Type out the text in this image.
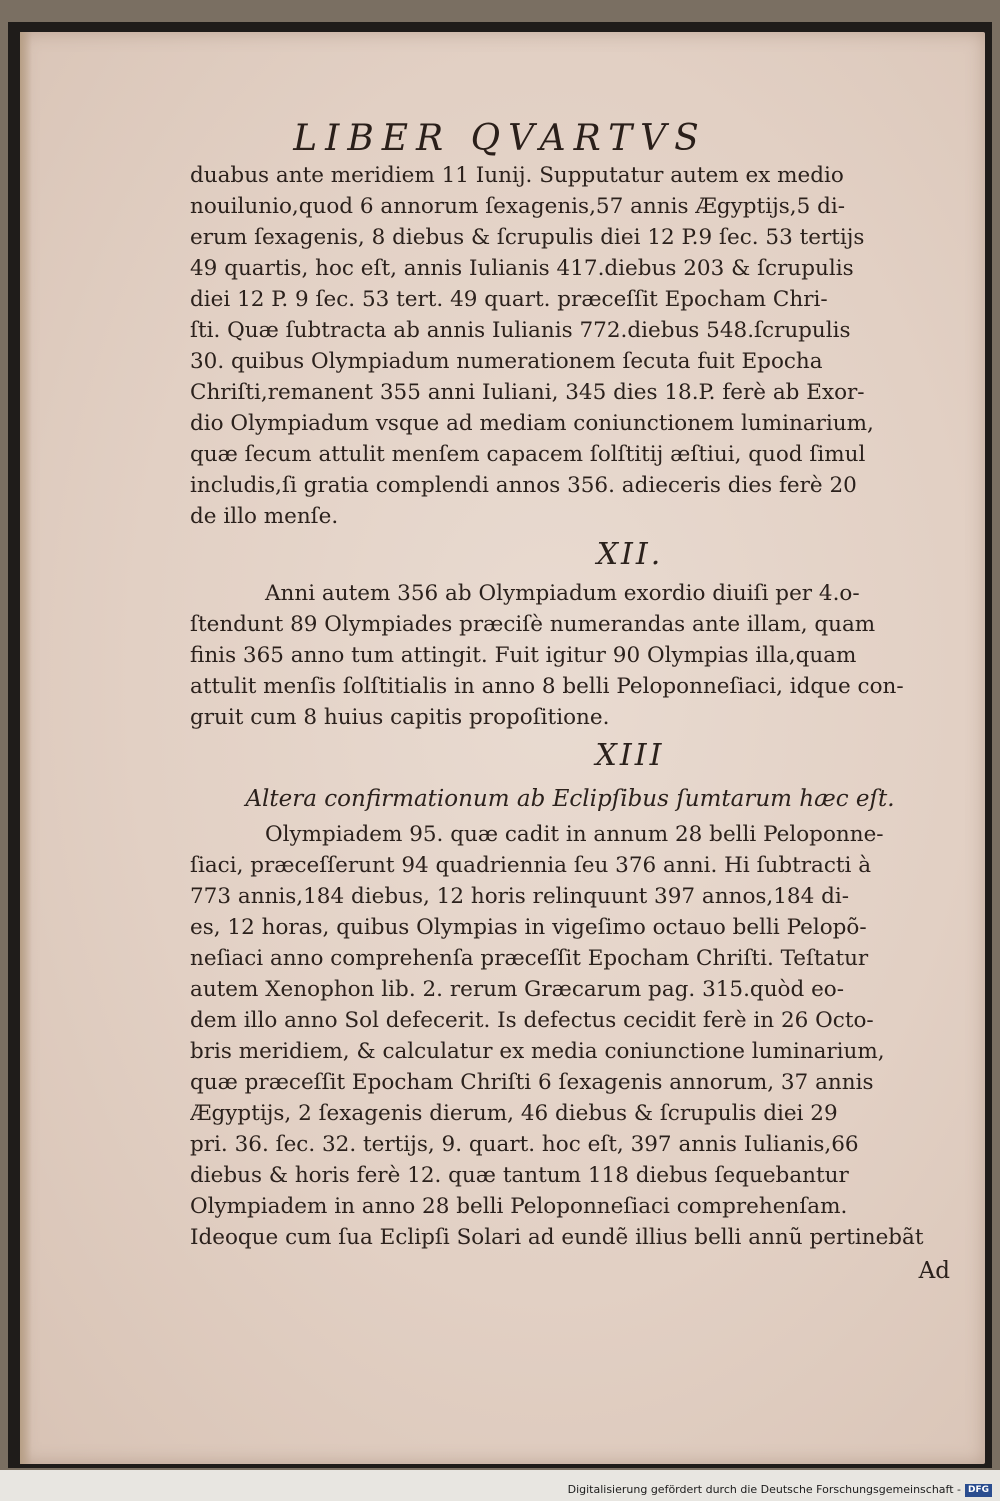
LIBER QVARTVS
duabus ante meridiem 11 Iunij. Supputatur autem ex medio
nouilunio,quod 6 annorum ſexagenis,57 annis Ægyptijs,5 di-
erum ſexagenis, 8 diebus & ſcrupulis diei 12 P.9 ſec. 53 tertijs
49 quartis, hoc eſt, annis Iulianis 417.diebus 203 & ſcrupulis
diei 12 P. 9 ſec. 53 tert. 49 quart. præceſſit Epocham Chri-
ſti. Quæ ſubtracta ab annis Iulianis 772.diebus 548.ſcrupulis
30. quibus Olympiadum numerationem ſecuta fuit Epocha
Chriſti,remanent 355 anni Iuliani, 345 dies 18.P. ferè ab Exor-
dio Olympiadum vsque ad mediam coniunctionem luminarium,
quæ ſecum attulit menſem capacem ſolſtitij æſtiui, quod ſimul
includis,ſi gratia complendi annos 356. adieceris dies ferè 20
de illo menſe.
XII.
Anni autem 356 ab Olympiadum exordio diuiſi per 4.o-
ſtendunt 89 Olympiades præciſè numerandas ante illam, quam
finis 365 anno tum attingit. Fuit igitur 90 Olympias illa,quam
attulit menſis ſolſtitialis in anno 8 belli Peloponneſiaci, idque con-
gruit cum 8 huius capitis propoſitione.
XIII
Altera confirmationum ab Eclipſibus ſumtarum hæc eſt.
Olympiadem 95. quæ cadit in annum 28 belli Peloponne-
ſiaci, præceſſerunt 94 quadriennia ſeu 376 anni. Hi ſubtracti à
773 annis,184 diebus, 12 horis relinquunt 397 annos,184 di-
es, 12 horas, quibus Olympias in vigeſimo octauo belli Pelopõ-
neſiaci anno comprehenſa præceſſit Epocham Chriſti. Teſtatur
autem Xenophon lib. 2. rerum Græcarum pag. 315.quòd eo-
dem illo anno Sol defecerit. Is defectus cecidit ferè in 26 Octo-
bris meridiem, & calculatur ex media coniunctione luminarium,
quæ præceſſit Epocham Chriſti 6 ſexagenis annorum, 37 annis
Ægyptijs, 2 ſexagenis dierum, 46 diebus & ſcrupulis diei 29
pri. 36. ſec. 32. tertijs, 9. quart. hoc eſt, 397 annis Iulianis,66
diebus & horis ferè 12. quæ tantum 118 diebus ſequebantur
Olympiadem in anno 28 belli Peloponneſiaci comprehenſam.
Ideoque cum ſua Eclipſi Solari ad eundẽ illius belli annũ pertinebãt
Ad
Digitalisierung gefördert durch die Deutsche Forschungsgemeinschaft - DFG
